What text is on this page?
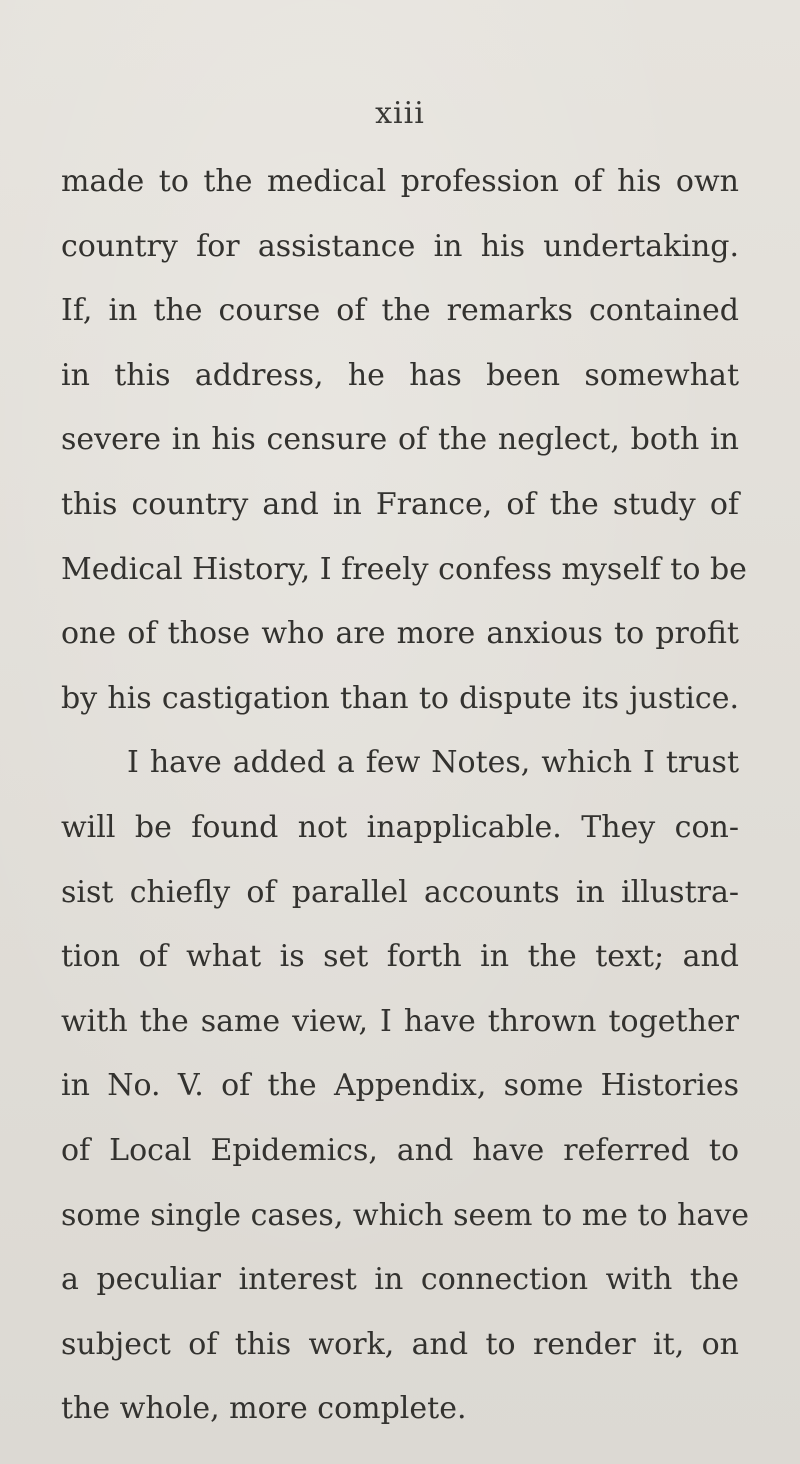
xiii
made to the medical profession of his own
country for assistance in his undertaking.
If, in the course of the remarks contained
in this address, he has been somewhat
severe in his censure of the neglect, both in
this country and in France, of the study of
Medical History, I freely confess myself to be
one of those who are more anxious to profit
by his castigation than to dispute its justice.
I have added a few Notes, which I trust
will be found not inapplicable. They con-
sist chiefly of parallel accounts in illustra-
tion of what is set forth in the text; and
with the same view, I have thrown together
in No. V. of the Appendix, some Histories
of Local Epidemics, and have referred to
some single cases, which seem to me to have
a peculiar interest in connection with the
subject of this work, and to render it, on
the whole, more complete.
